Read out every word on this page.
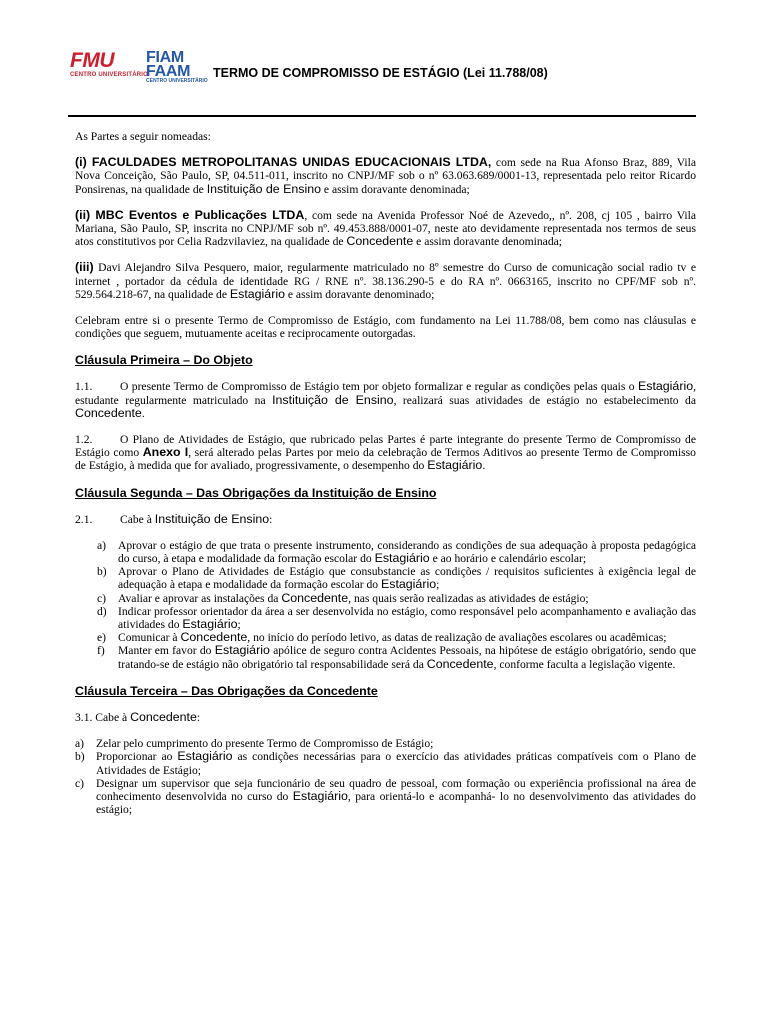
FMU
CENTRO UNIVERSITÁRIO
FIAM
FAAM
CENTRO UNIVERSITÁRIO
TERMO DE COMPROMISSO DE ESTÁGIO (Lei 11.788/08)

As Partes a seguir nomeadas:

(i) FACULDADES METROPOLITANAS UNIDAS EDUCACIONAIS LTDA, com sede na Rua Afonso Braz, 889, Vila Nova Conceição, São Paulo, SP, 04.511-011, inscrito no CNPJ/MF sob o nº 63.063.689/0001-13, representada pelo reitor Ricardo Ponsirenas, na qualidade de Instituição de Ensino e assim doravante denominada;

(ii) MBC Eventos e Publicações LTDA, com sede na Avenida Professor Noé de Azevedo,, nº. 208, cj 105 , bairro Vila Mariana, São Paulo, SP, inscrita no CNPJ/MF sob nº. 49.453.888/0001-07, neste ato devidamente representada nos termos de seus atos constitutivos por Celia Radzvilaviez, na qualidade de Concedente e assim doravante denominada;

(iii) Davi Alejandro Silva Pesquero, maior, regularmente matriculado no 8º semestre do Curso de comunicação social radio tv e internet , portador da cédula de identidade RG / RNE nº. 38.136.290-5 e do RA nº. 0663165, inscrito no CPF/MF sob nº. 529.564.218-67, na qualidade de Estagiário e assim doravante denominado;

Celebram entre si o presente Termo de Compromisso de Estágio, com fundamento na Lei 11.788/08, bem como nas cláusulas e condições que seguem, mutuamente aceitas e reciprocamente outorgadas.

Cláusula Primeira – Do Objeto

1.1. O presente Termo de Compromisso de Estágio tem por objeto formalizar e regular as condições pelas quais o Estagiário, estudante regularmente matriculado na Instituição de Ensino, realizará suas atividades de estágio no estabelecimento da Concedente.

1.2. O Plano de Atividades de Estágio, que rubricado pelas Partes é parte integrante do presente Termo de Compromisso de Estágio como Anexo I, será alterado pelas Partes por meio da celebração de Termos Aditivos ao presente Termo de Compromisso de Estágio, à medida que for avaliado, progressivamente, o desempenho do Estagiário.

Cláusula Segunda – Das Obrigações da Instituição de Ensino

2.1. Cabe à Instituição de Ensino:

a) Aprovar o estágio de que trata o presente instrumento, considerando as condições de sua adequação à proposta pedagógica do curso, à etapa e modalidade da formação escolar do Estagiário e ao horário e calendário escolar;
b) Aprovar o Plano de Atividades de Estágio que consubstancie as condições / requisitos suficientes à exigência legal de adequação à etapa e modalidade da formação escolar do Estagiário;
c) Avaliar e aprovar as instalações da Concedente, nas quais serão realizadas as atividades de estágio;
d) Indicar professor orientador da área a ser desenvolvida no estágio, como responsável pelo acompanhamento e avaliação das atividades do Estagiário;
e) Comunicar à Concedente, no início do período letivo, as datas de realização de avaliações escolares ou acadêmicas;
f) Manter em favor do Estagiário apólice de seguro contra Acidentes Pessoais, na hipótese de estágio obrigatório, sendo que tratando-se de estágio não obrigatório tal responsabilidade será da Concedente, conforme faculta a legislação vigente.

Cláusula Terceira – Das Obrigações da Concedente

3.1. Cabe à Concedente:

a) Zelar pelo cumprimento do presente Termo de Compromisso de Estágio;
b) Proporcionar ao Estagiário as condições necessárias para o exercício das atividades práticas compatíveis com o Plano de Atividades de Estágio;
c) Designar um supervisor que seja funcionário de seu quadro de pessoal, com formação ou experiência profissional na área de conhecimento desenvolvida no curso do Estagiário, para orientá-lo e acompanhá- lo no desenvolvimento das atividades do estágio;
